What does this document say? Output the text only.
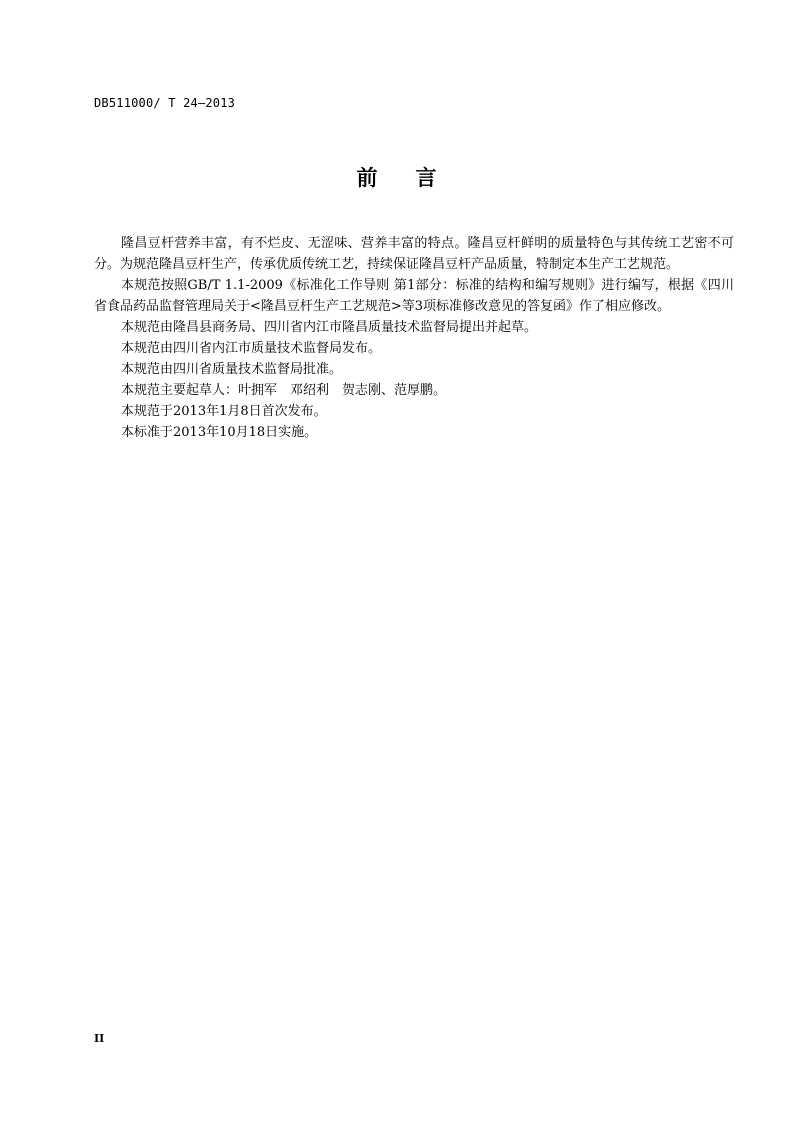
DB511000/ T 24—2013
前言

隆昌豆杆营养丰富，有不烂皮、无涩味、营养丰富的特点。隆昌豆杆鲜明的质量特色与其传统工艺密不可分。为规范隆昌豆杆生产，传承优质传统工艺，持续保证隆昌豆杆产品质量，特制定本生产工艺规范。

本规范按照GB/T 1.1-2009《标准化工作导则 第1部分：标准的结构和编写规则》进行编写，根据《四川省食品药品监督管理局关于<隆昌豆杆生产工艺规范>等3项标准修改意见的答复函》作了相应修改。

本规范由隆昌县商务局、四川省内江市隆昌质量技术监督局提出并起草。

本规范由四川省内江市质量技术监督局发布。

本规范由四川省质量技术监督局批准。

本规范主要起草人：叶拥军　邓绍利　贺志刚、范厚鹏。

本规范于2013年1月8日首次发布。

本标准于2013年10月18日实施。

II
